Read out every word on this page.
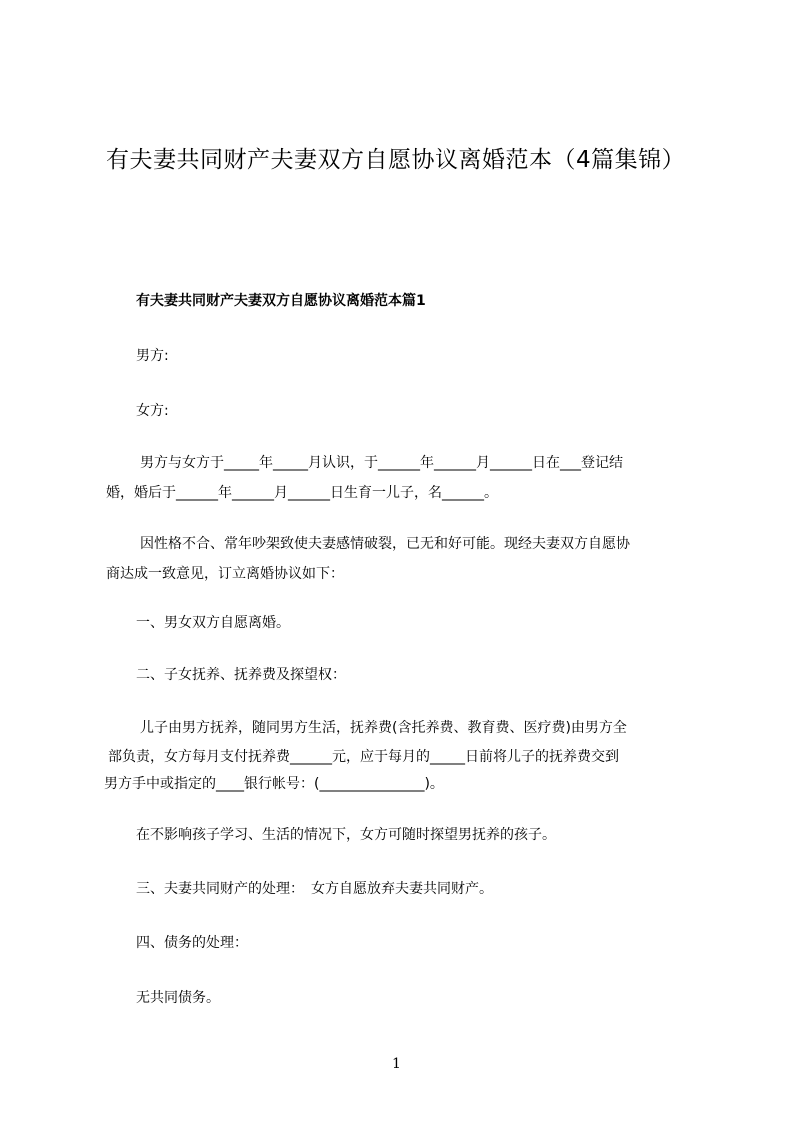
有夫妻共同财产夫妻双方自愿协议离婚范本（4篇集锦）
有夫妻共同财产夫妻双方自愿协议离婚范本篇1

男方:

女方:

男方与女方于_____年_____月认识，于______年______月______日在___登记结

婚，婚后于______年______月______日生育一儿子，名______。

因性格不合、常年吵架致使夫妻感情破裂，已无和好可能。现经夫妻双方自愿协

商达成一致意见，订立离婚协议如下：

一、男女双方自愿离婚。

二、子女抚养、抚养费及探望权：

儿子由男方抚养，随同男方生活，抚养费(含托养费、教育费、医疗费)由男方全

部负责，女方每月支付抚养费______元，应于每月的_____日前将儿子的抚养费交到

男方手中或指定的____银行帐号：(_______________)。

在不影响孩子学习、生活的情况下，女方可随时探望男抚养的孩子。

三、夫妻共同财产的处理：　女方自愿放弃夫妻共同财产。

四、债务的处理：

无共同债务。

1
